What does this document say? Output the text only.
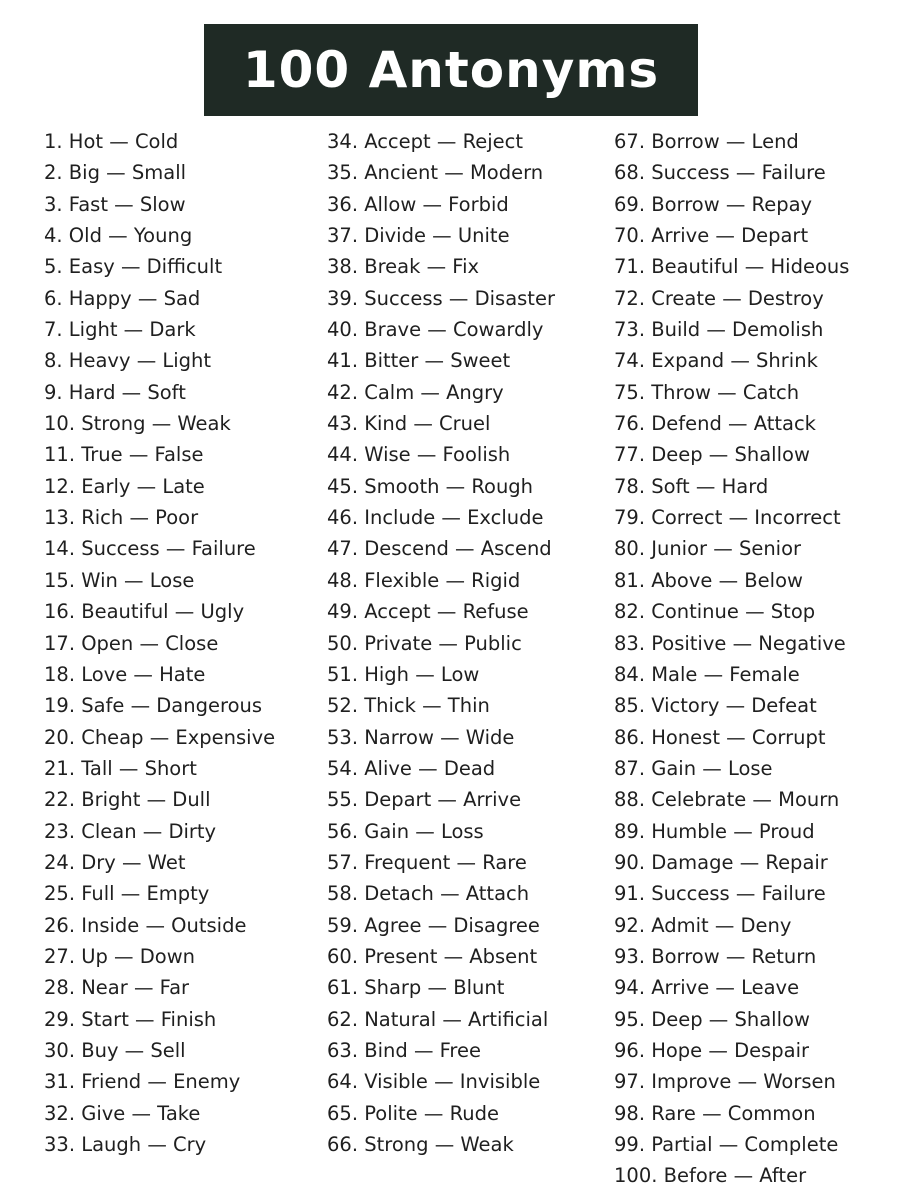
100 Antonyms
1. Hot — Cold
2. Big — Small
3. Fast — Slow
4. Old — Young
5. Easy — Difficult
6. Happy — Sad
7. Light — Dark
8. Heavy — Light
9. Hard — Soft
10. Strong — Weak
11. True — False
12. Early — Late
13. Rich — Poor
14. Success — Failure
15. Win — Lose
16. Beautiful — Ugly
17. Open — Close
18. Love — Hate
19. Safe — Dangerous
20. Cheap — Expensive
21. Tall — Short
22. Bright — Dull
23. Clean — Dirty
24. Dry — Wet
25. Full — Empty
26. Inside — Outside
27. Up — Down
28. Near — Far
29. Start — Finish
30. Buy — Sell
31. Friend — Enemy
32. Give — Take
33. Laugh — Cry
34. Accept — Reject
35. Ancient — Modern
36. Allow — Forbid
37. Divide — Unite
38. Break — Fix
39. Success — Disaster
40. Brave — Cowardly
41. Bitter — Sweet
42. Calm — Angry
43. Kind — Cruel
44. Wise — Foolish
45. Smooth — Rough
46. Include — Exclude
47. Descend — Ascend
48. Flexible — Rigid
49. Accept — Refuse
50. Private — Public
51. High — Low
52. Thick — Thin
53. Narrow — Wide
54. Alive — Dead
55. Depart — Arrive
56. Gain — Loss
57. Frequent — Rare
58. Detach — Attach
59. Agree — Disagree
60. Present — Absent
61. Sharp — Blunt
62. Natural — Artificial
63. Bind — Free
64. Visible — Invisible
65. Polite — Rude
66. Strong — Weak
67. Borrow — Lend
68. Success — Failure
69. Borrow — Repay
70. Arrive — Depart
71. Beautiful — Hideous
72. Create — Destroy
73. Build — Demolish
74. Expand — Shrink
75. Throw — Catch
76. Defend — Attack
77. Deep — Shallow
78. Soft — Hard
79. Correct — Incorrect
80. Junior — Senior
81. Above — Below
82. Continue — Stop
83. Positive — Negative
84. Male — Female
85. Victory — Defeat
86. Honest — Corrupt
87. Gain — Lose
88. Celebrate — Mourn
89. Humble — Proud
90. Damage — Repair
91. Success — Failure
92. Admit — Deny
93. Borrow — Return
94. Arrive — Leave
95. Deep — Shallow
96. Hope — Despair
97. Improve — Worsen
98. Rare — Common
99. Partial — Complete
100. Before — After
